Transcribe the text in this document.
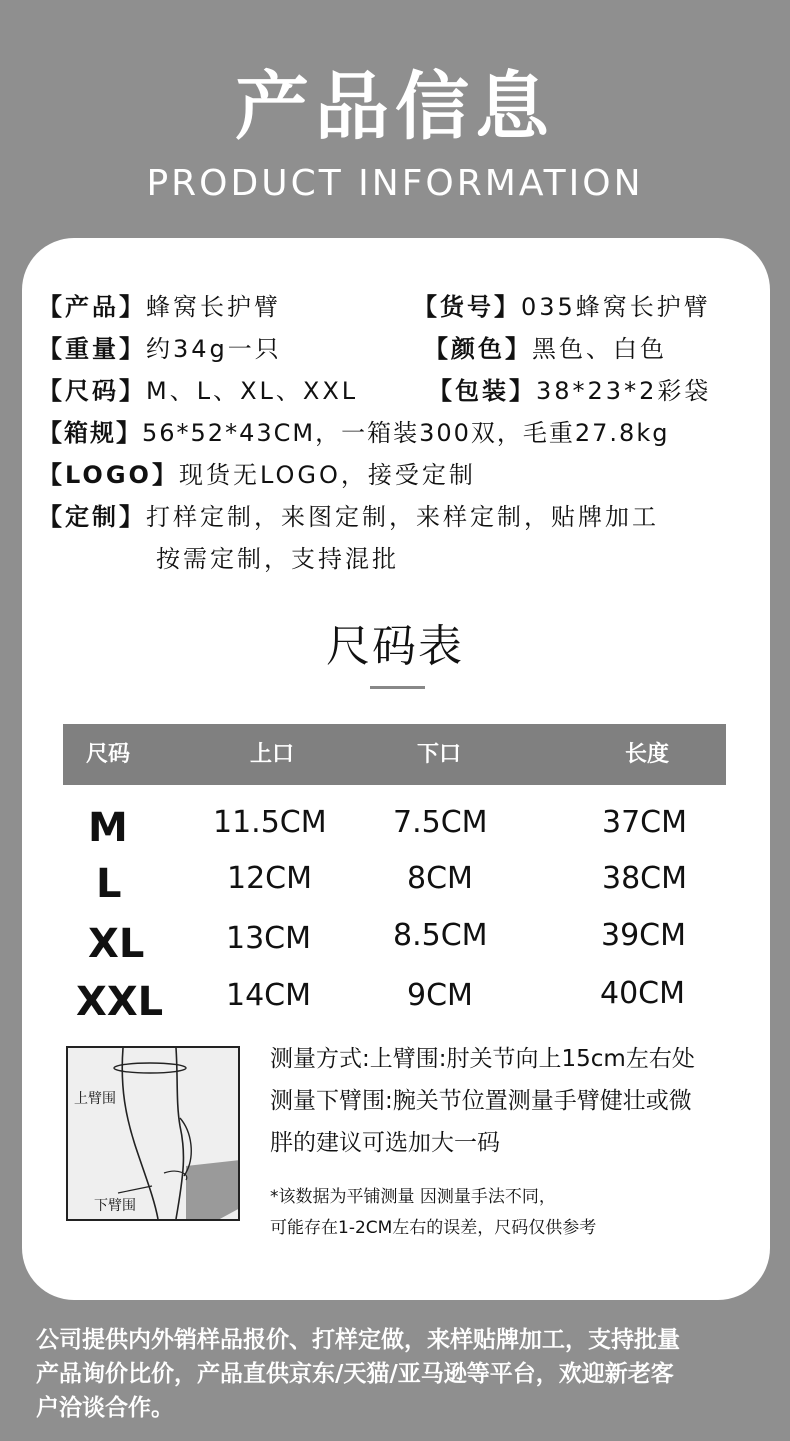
产品信息
PRODUCT INFORMATION
【产品】蜂窝长护臂	【货号】035蜂窝长护臂
【重量】约34g一只	【颜色】黑色、白色
【尺码】M、L、XL、XXL	【包装】38*23*2彩袋
【箱规】56*52*43CM，一箱装300双，毛重27.8kg
【LOGO】现货无LOGO，接受定制
【定制】打样定制，来图定制，来样定制，贴牌加工
按需定制，支持混批
尺码表
尺码	上口	下口	长度
M	11.5CM 7.5CM	37CM
L	12CM	8CM	38CM
XL	13CM	8.5CM	39CM
XXL 14CM	9CM	40CM
上臂围
下臂围
测量方式:上臂围:肘关节向上15cm左右处
测量下臂围:腕关节位置测量手臂健壮或微
胖的建议可选加大一码
*该数据为平铺测量 因测量手法不同，
可能存在1-2CM左右的误差，尺码仅供参考
公司提供内外销样品报价、打样定做，来样贴牌加工，支持批量
产品询价比价，产品直供京东/天猫/亚马逊等平台，欢迎新老客
户洽谈合作。
